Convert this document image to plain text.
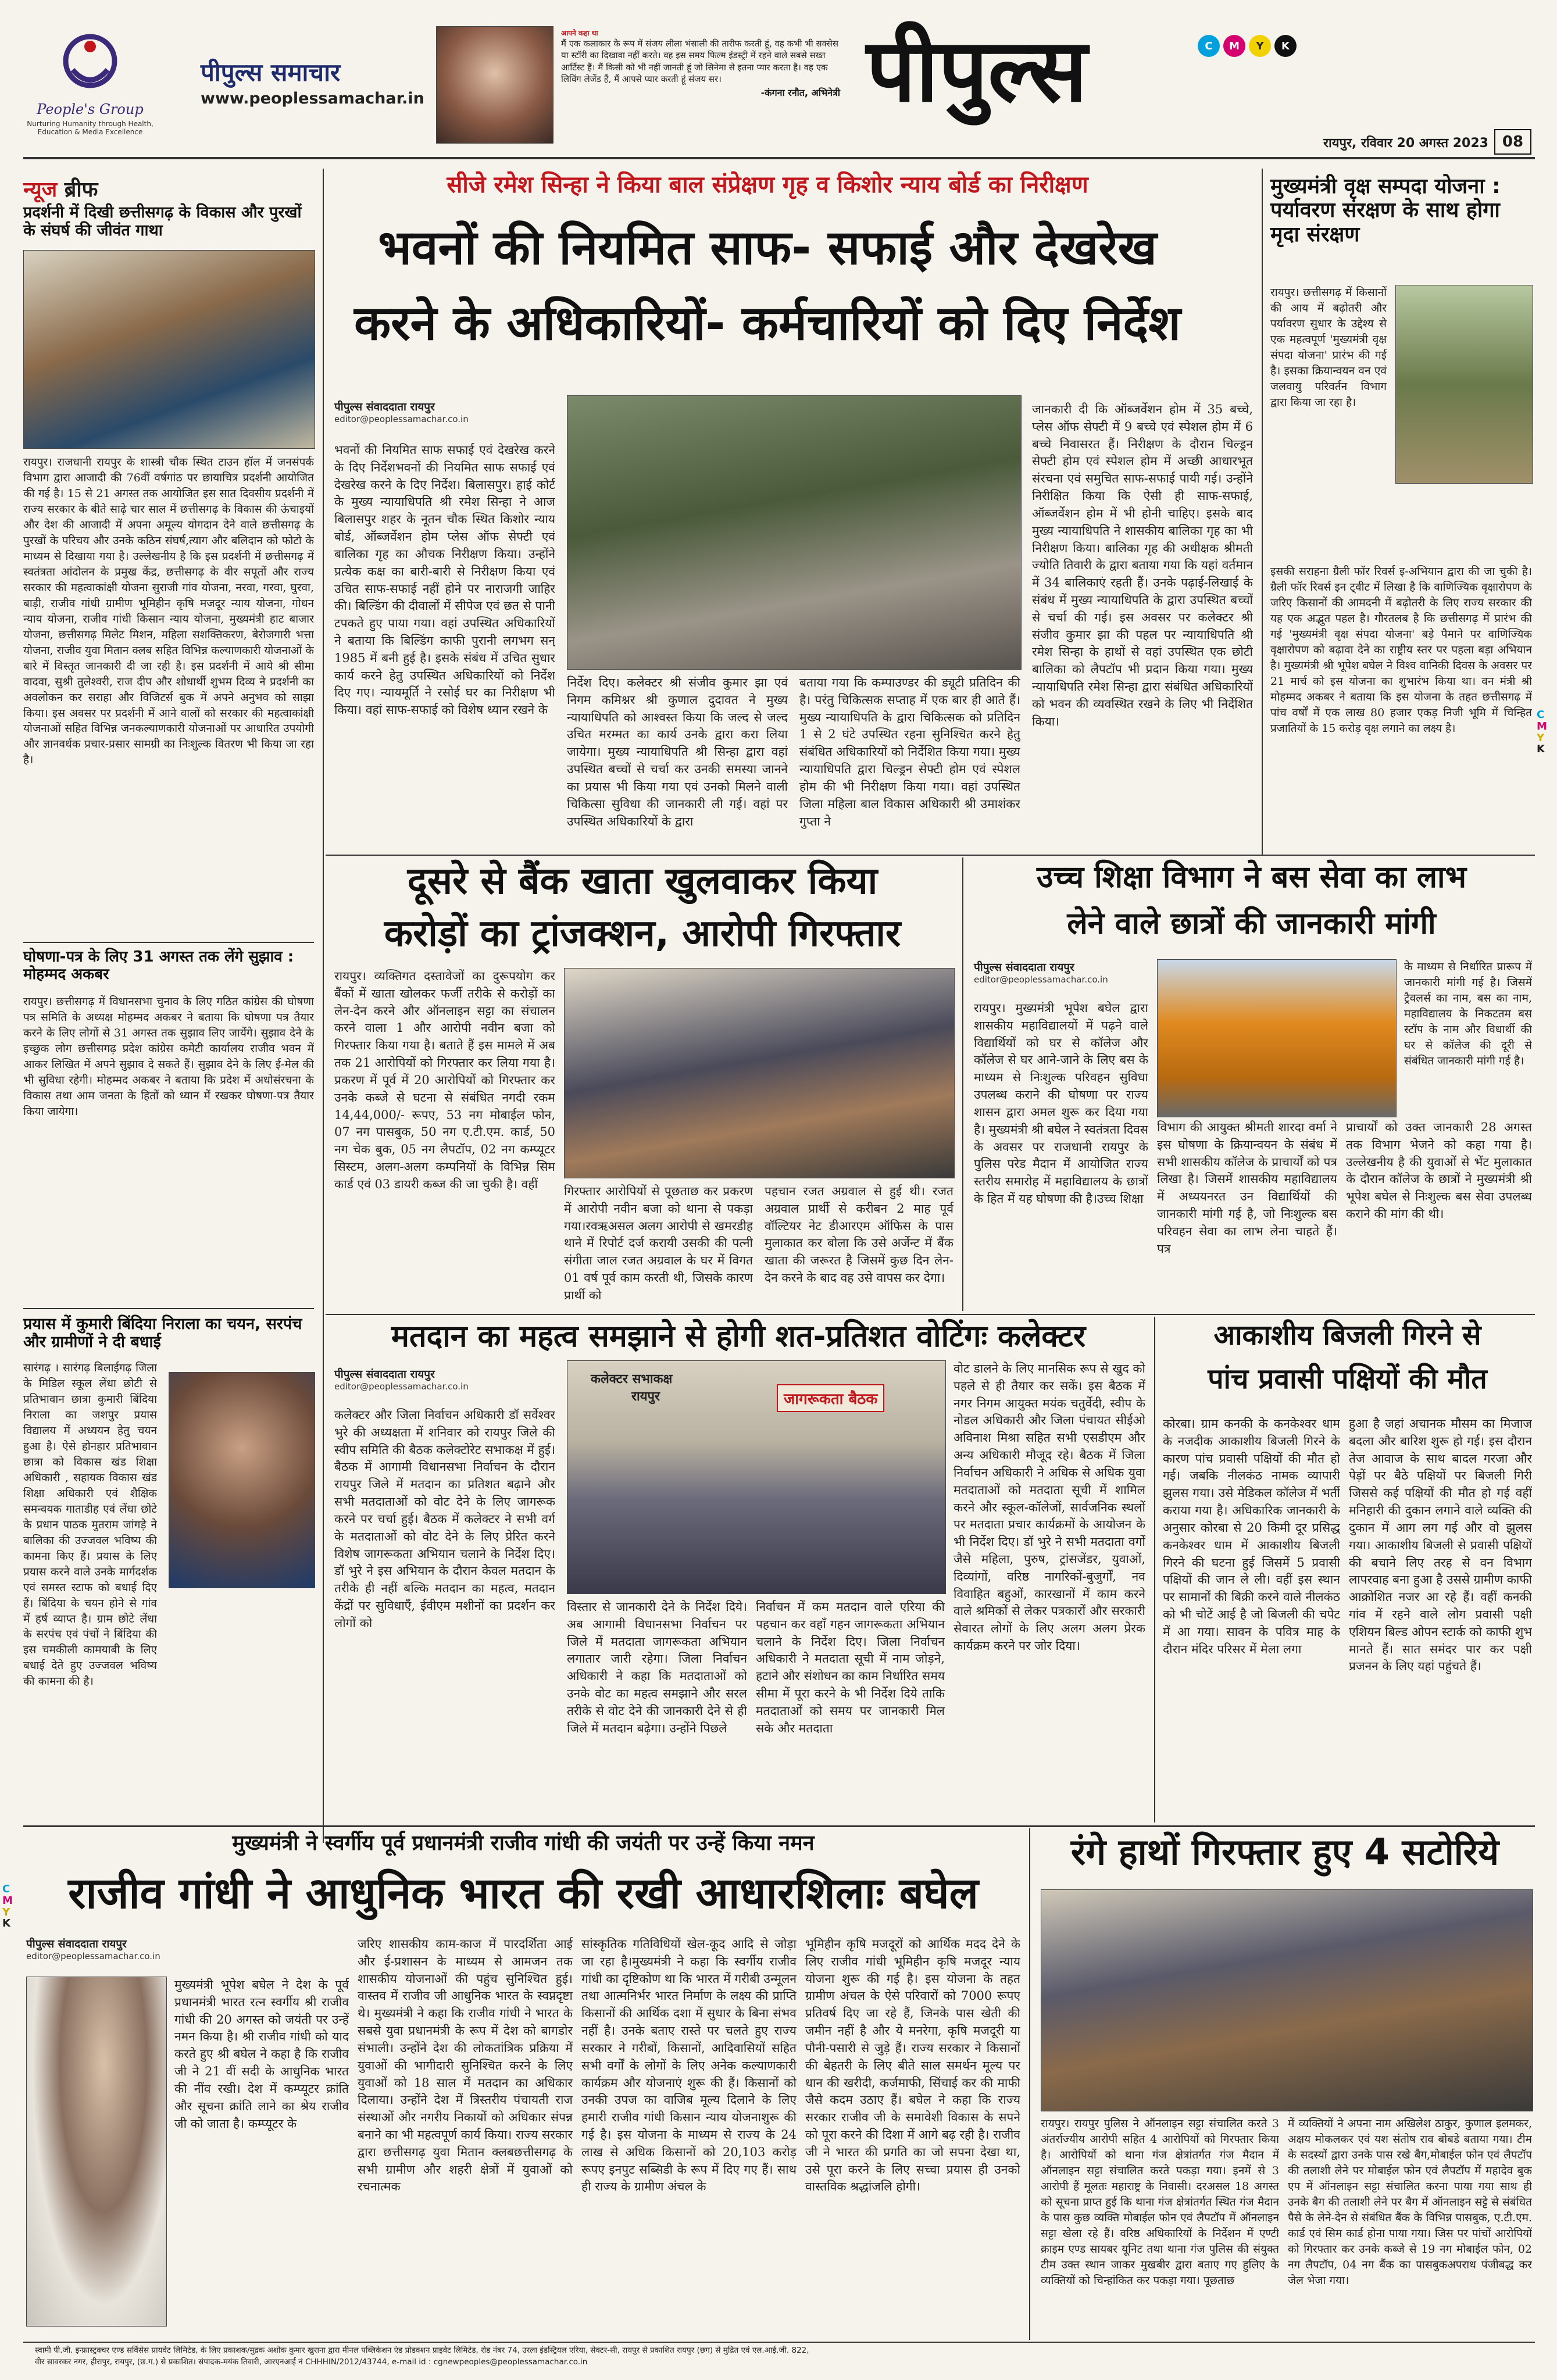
People's Group
Nurturing Humanity through Health, Education & Media Excellence
पीपुल्स समाचार
www.peoplessamachar.in
आपने कहा था
मैं एक कलाकार के रूप में संजय लीला भंसाली की तारीफ करती हूं, वह कभी भी सक्सेस या स्टॉरी का दिखावा नहीं करते। वह इस समय फिल्म इंडस्ट्री में रहने वाले सबसे सख्त आर्टिस्ट हैं। मैं किसी को भी नहीं जानती हूं जो सिनेमा से इतना प्यार करता है। वह एक लिविंग लेजेंड हैं, मैं आपसे प्यार करती हूं संजय सर।
-कंगना रनौत, अभिनेत्री पीपुल्स	C	M	Y	K
रायपुर, रविवार 20 अगस्त 2023 08
न्यूज ब्रीफ
प्रदर्शनी में दिखी छत्तीसगढ़ के विकास और पुरखों के संघर्ष की जीवंत गाथा
रायपुर। राजधानी रायपुर के शास्त्री चौक स्थित टाउन हॉल में जनसंपर्क विभाग द्वारा आजादी की 76वीं वर्षगांठ पर छायाचित्र प्रदर्शनी आयोजित की गई है। 15 से 21 अगस्त तक आयोजित इस सात दिवसीय प्रदर्शनी में राज्य सरकार के बीते साढ़े चार साल में छत्तीसगढ़ के विकास की ऊंचाइयों और देश की आजादी में अपना अमूल्य योगदान देने वाले छत्तीसगढ़ के पुरखों के परिचय और उनके कठिन संघर्ष,त्याग और बलिदान को फोटो के माध्यम से दिखाया गया है। उल्लेखनीय है कि इस प्रदर्शनी में छत्तीसगढ़ में स्वतंत्रता आंदोलन के प्रमुख केंद्र, छत्तीसगढ़ के वीर सपूतों और राज्य सरकार की महत्वाकांक्षी योजना सुराजी गांव योजना, नरवा, गरवा, घुरवा, बाड़ी, राजीव गांधी ग्रामीण भूमिहीन कृषि मजदूर न्याय योजना, गोधन न्याय योजना, राजीव गांधी किसान न्याय योजना, मुख्यमंत्री हाट बाजार योजना, छत्तीसगढ़ मिलेट मिशन, महिला सशक्तिकरण, बेरोजगारी भत्ता योजना, राजीव युवा मितान क्लब सहित विभिन्न कल्याणकारी योजनाओं के बारे में विस्तृत जानकारी दी जा रही है। इस प्रदर्शनी में आये श्री सीमा वादवा, सुश्री तुलेश्वरी, राज दीप और शोधार्थी शुभम दिव्य ने प्रदर्शनी का अवलोकन कर सराहा और विजिटर्स बुक में अपने अनुभव को साझा किया। इस अवसर पर प्रदर्शनी में आने वालों को सरकार की महत्वाकांक्षी योजनाओं सहित विभिन्न जनकल्याणकारी योजनाओं पर आधारित उपयोगी और ज्ञानवर्धक प्रचार-प्रसार सामग्री का निःशुल्क वितरण भी किया जा रहा है।
घोषणा-पत्र के लिए 31 अगस्त तक लेंगे सुझाव : मोहम्मद अकबर
रायपुर। छत्तीसगढ़ में विधानसभा चुनाव के लिए गठित कांग्रेस की घोषणा पत्र समिति के अध्यक्ष मोहम्मद अकबर ने बताया कि घोषणा पत्र तैयार करने के लिए लोगों से 31 अगस्त तक सुझाव लिए जायेंगे। सुझाव देने के इच्छुक लोग छत्तीसगढ़ प्रदेश कांग्रेस कमेटी कार्यालय राजीव भवन में आकर लिखित में अपने सुझाव दे सकते हैं। सुझाव देने के लिए ई-मेल की भी सुविधा रहेगी। मोहम्मद अकबर ने बताया कि प्रदेश में अधोसंरचना के विकास तथा आम जनता के हितों को ध्यान में रखकर घोषणा-पत्र तैयार किया जायेगा।
प्रयास में कुमारी बिंदिया निराला का चयन, सरपंच और ग्रामीणों ने दी बधाई
सारंगढ़ । सारंगढ़ बिलाईगढ़ जिला के मिडिल स्कूल लेंधा छोटी से प्रतिभावान छात्रा कुमारी बिंदिया निराला का जशपुर प्रयास विद्यालय में अध्ययन हेतु चयन हुआ है। ऐसे होनहार प्रतिभावान छात्रा को विकास खंड शिक्षा अधिकारी , सहायक विकास खंड शिक्षा अधिकारी एवं शैक्षिक समन्वयक गाताडीह एवं लेंधा छोटे के प्रधान पाठक मुतराम जांगड़े ने बालिका की उज्जवल भविष्य की कामना किए हैं। प्रयास के लिए प्रयास करने वाले उनके मार्गदर्शक एवं समस्त स्टाफ को बधाई दिए हैं। बिंदिया के चयन होने से गांव में हर्ष व्याप्त है। ग्राम छोटे लेंधा के सरपंच एवं पंचों ने बिंदिया की इस चमकीली कामयाबी के लिए बधाई देते हुए उज्जवल भविष्य की कामना की है।
सीजे रमेश सिन्हा ने किया बाल संप्रेक्षण गृह व किशोर न्याय बोर्ड का निरीक्षण
भवनों की नियमित साफ- सफाई और देखरेख
करने के अधिकारियों- कर्मचारियों को दिए निर्देश
पीपुल्स संवाददाता रायपुर
editor@peoplessamachar.co.in
भवनों की नियमित साफ सफाई एवं देखरेख करने के दिए निर्देशभवनों की नियमित साफ सफाई एवं देखरेख करने के दिए निर्देश। बिलासपुर। हाई कोर्ट के मुख्य न्यायाधिपति श्री रमेश सिन्हा ने आज बिलासपुर शहर के नूतन चौक स्थित किशोर न्याय बोर्ड, ऑब्जर्वेशन होम प्लेस ऑफ सेफ्टी एवं बालिका गृह का औचक निरीक्षण किया। उन्होंने प्रत्येक कक्ष का बारी-बारी से निरीक्षण किया एवं उचित साफ-सफाई नहीं होने पर नाराजगी जाहिर की। बिल्डिंग की दीवालों में सीपेज एवं छत से पानी टपकते हुए पाया गया। वहां उपस्थित अधिकारियों ने बताया कि बिल्डिंग काफी पुरानी लगभग सन् 1985 में बनी हुई है। इसके संबंध में उचित सुधार कार्य करने हेतु उपस्थित अधिकारियों को निर्देश दिए गए। न्यायमूर्ति ने रसोई घर का निरीक्षण भी किया। वहां साफ-सफाई को विशेष ध्यान रखने के
निर्देश दिए। कलेक्टर श्री संजीव कुमार झा एवं निगम कमिश्नर श्री कुणाल दुदावत ने मुख्य न्यायाधिपति को आश्वस्त किया कि जल्द से जल्द उचित मरम्मत का कार्य उनके द्वारा करा लिया जायेगा। मुख्य न्यायाधिपति श्री सिन्हा द्वारा वहां उपस्थित बच्चों से चर्चा कर उनकी समस्या जानने का प्रयास भी किया गया एवं उनको मिलने वाली चिकित्सा सुविधा की जानकारी ली गई। वहां पर उपस्थित अधिकारियों के द्वारा
बताया गया कि कम्पाउण्डर की ड्यूटी प्रतिदिन की है। परंतु चिकित्सक सप्ताह में एक बार ही आते हैं। मुख्य न्यायाधिपति के द्वारा चिकित्सक को प्रतिदिन 1 से 2 घंटे उपस्थित रहना सुनिश्चित करने हेतु संबंधित अधिकारियों को निर्देशित किया गया। मुख्य न्यायाधिपति द्वारा चिल्ड्रन सेफ्टी होम एवं स्पेशल होम की भी निरीक्षण किया गया। वहां उपस्थित जिला महिला बाल विकास अधिकारी श्री उमाशंकर गुप्ता ने
जानकारी दी कि ऑब्जर्वेशन होम में 35 बच्चे, प्लेस ऑफ सेफ्टी में 9 बच्चे एवं स्पेशल होम में 6 बच्चे निवासरत हैं। निरीक्षण के दौरान चिल्ड्रन सेफ्टी होम एवं स्पेशल होम में अच्छी आधारभूत संरचना एवं समुचित साफ-सफाई पायी गई। उन्होंने निरीक्षित किया कि ऐसी ही साफ-सफाई, ऑब्जर्वेशन होम में भी होनी चाहिए। इसके बाद मुख्य न्यायाधिपति ने शासकीय बालिका गृह का भी निरीक्षण किया। बालिका गृह की अधीक्षक श्रीमती ज्योति तिवारी के द्वारा बताया गया कि यहां वर्तमान में 34 बालिकाएं रहती हैं। उनके पढ़ाई-लिखाई के संबंध में मुख्य न्यायाधिपति के द्वारा उपस्थित बच्चों से चर्चा की गई। इस अवसर पर कलेक्टर श्री संजीव कुमार झा की पहल पर न्यायाधिपति श्री रमेश सिन्हा के हाथों से वहां उपस्थित एक छोटी बालिका को लैपटॉप भी प्रदान किया गया। मुख्य न्यायाधिपति रमेश सिन्हा द्वारा संबंधित अधिकारियों को भवन की व्यवस्थित रखने के लिए भी निर्देशित किया।
मुख्यमंत्री वृक्ष सम्पदा योजना : पर्यावरण संरक्षण के साथ होगा मृदा संरक्षण
रायपुर। छत्तीसगढ़ में किसानों की आय में बढ़ोतरी और पर्यावरण सुधार के उद्देश्य से एक महत्वपूर्ण 'मुख्यमंत्री वृक्ष संपदा योजना' प्रारंभ की गई है। इसका क्रियान्वयन वन एवं जलवायु परिवर्तन विभाग द्वारा किया जा रहा है।
इसकी सराहना ग्रैली फॉर रिवर्स इ-अभियान द्वारा की जा चुकी है। ग्रैली फॉर रिवर्स इन ट्वीट में लिखा है कि वाणिज्यिक वृक्षारोपण के जरिए किसानों की आमदनी में बढ़ोतरी के लिए राज्य सरकार की यह एक अद्भुत पहल है। गौरतलब है कि छत्तीसगढ़ में प्रारंभ की गई 'मुख्यमंत्री वृक्ष संपदा योजना' बड़े पैमाने पर वाणिज्यिक वृक्षारोपण को बढ़ावा देने का राष्ट्रीय स्तर पर पहला बड़ा अभियान है। मुख्यमंत्री श्री भूपेश बघेल ने विश्व वानिकी दिवस के अवसर पर 21 मार्च को इस योजना का शुभारंभ किया था। वन मंत्री श्री मोहम्मद अकबर ने बताया कि इस योजना के तहत छत्तीसगढ़ में पांच वर्षों में एक लाख 80 हजार एकड़ निजी भूमि में चिन्हित प्रजातियों के 15 करोड़ वृक्ष लगाने का लक्ष्य है।
C
M
Y
K
दूसरे से बैंक खाता खुलवाकर किया
करोड़ों का ट्रांजक्शन, आरोपी गिरफ्तार
रायपुर। व्यक्तिगत दस्तावेजों का दुरूपयोग कर बैंकों में खाता खोलकर फर्जी तरीके से करोड़ों का लेन-देन करने और ऑनलाइन सट्टा का संचालन करने वाला 1 और आरोपी नवीन बजा को गिरफ्तार किया गया है। बताते हैं इस मामले में अब तक 21 आरोपियों को गिरफ्तार कर लिया गया है। प्रकरण में पूर्व में 20 आरोपियों को गिरफ्तार कर उनके कब्जे से घटना से संबंधित नगदी रकम 14,44,000/- रूपए, 53 नग मोबाईल फोन, 07 नग पासबुक, 50 नग ए.टी.एम. कार्ड, 50 नग चेक बुक, 05 नग लैपटॉप, 02 नग कम्प्यूटर सिस्टम, अलग-अलग कम्पनियों के विभिन्न सिम कार्ड एवं 03 डायरी कब्ज की जा चुकी है। वहीं
गिरफ्तार आरोपियों से पूछताछ कर प्रकरण में आरोपी नवीन बजा को थाना से पकड़ा गया।रवऋअसल अलग आरोपी से खमरडीह थाने में रिपोर्ट दर्ज करायी उसकी की पत्नी संगीता जाल रजत अग्रवाल के घर में विगत 01 वर्ष पूर्व काम करती थी, जिसके कारण प्रार्थी को
पहचान रजत अग्रवाल से हुई थी। रजत अग्रवाल प्रार्थी से करीबन 2 माह पूर्व वॉल्टियर नेट डीआरएम ऑफिस के पास मुलाकात कर बोला कि उसे अर्जेन्ट में बैंक खाता की जरूरत है जिसमें कुछ दिन लेन-देन करने के बाद वह उसे वापस कर देगा।
उच्च शिक्षा विभाग ने बस सेवा का लाभ
लेने वाले छात्रों की जानकारी मांगी
पीपुल्स संवाददाता रायपुर
editor@peoplessamachar.co.in
रायपुर। मुख्यमंत्री भूपेश बघेल द्वारा शासकीय महाविद्यालयों में पढ़ने वाले विद्यार्थियों को घर से कॉलेज और कॉलेज से घर आने-जाने के लिए बस के माध्यम से निःशुल्क परिवहन सुविधा उपलब्ध कराने की घोषणा पर राज्य शासन द्वारा अमल शुरू कर दिया गया है। मुख्यमंत्री श्री बघेल ने स्वतंत्रता दिवस के अवसर पर राजधानी रायपुर के पुलिस परेड मैदान में आयोजित राज्य स्तरीय समारोह में महाविद्यालय के छात्रों के हित में यह घोषणा की है।उच्च शिक्षा
के माध्यम से निर्धारित प्रारूप में जानकारी मांगी गई है। जिसमें ट्रैवलर्स का नाम, बस का नाम, महाविद्यालय के निकटतम बस स्टॉप के नाम और विधार्थी की घर से कॉलेज की दूरी से संबंधित जानकारी मांगी गई है।
विभाग की आयुक्त श्रीमती शारदा वर्मा ने इस घोषणा के क्रियान्वयन के संबंध में सभी शासकीय कॉलेज के प्राचार्यों को पत्र लिखा है। जिसमें शासकीय महाविद्यालय में अध्ययनरत उन विद्यार्थियों की जानकारी मांगी गई है, जो निःशुल्क बस परिवहन सेवा का लाभ लेना चाहते हैं। पत्र
प्राचार्यों को उक्त जानकारी 28 अगस्त तक विभाग भेजने को कहा गया है। उल्लेखनीय है की युवाओं से भेंट मुलाकात के दौरान कॉलेज के छात्रों ने मुख्यमंत्री श्री भूपेश बघेल से निःशुल्क बस सेवा उपलब्ध कराने की मांग की थी।
मतदान का महत्व समझाने से होगी शत-प्रतिशत वोटिंगः कलेक्टर
पीपुल्स संवाददाता रायपुर
editor@peoplessamachar.co.in	कलेक्टर सभाकक्ष
रायपुर	जागरूकता बैठक
कलेक्टर और जिला निर्वाचन अधिकारी डॉ सर्वेश्वर भुरे की अध्यक्षता में शनिवार को रायपुर जिले की स्वीप समिति की बैठक कलेक्टोरेट सभाकक्ष में हुई। बैठक में आगामी विधानसभा निर्वाचन के दौरान रायपुर जिले में मतदान का प्रतिशत बढ़ाने और सभी मतदाताओं को वोट देने के लिए जागरूक करने पर चर्चा हुई। बैठक में कलेक्टर ने सभी वर्ग के मतदाताओं को वोट देने के लिए प्रेरित करने विशेष जागरूकता अभियान चलाने के निर्देश दिए। डॉ भुरे ने इस अभियान के दौरान केवल मतदान के तरीके ही नहीं बल्कि मतदान का महत्व, मतदान केंद्रों पर सुविधाएँ, ईवीएम मशीनों का प्रदर्शन कर लोगों को
विस्तार से जानकारी देने के निर्देश दिये। अब आगामी विधानसभा निर्वाचन पर जिले में मतदाता जागरूकता अभियान लगातार जारी रहेगा। जिला निर्वाचन अधिकारी ने कहा कि मतदाताओं को उनके वोट का महत्व समझाने और सरल तरीके से वोट देने की जानकारी देने से ही जिले में मतदान बढ़ेगा। उन्होंने पिछले
निर्वाचन में कम मतदान वाले एरिया की पहचान कर वहाँ गहन जागरूकता अभियान चलाने के निर्देश दिए। जिला निर्वाचन अधिकारी ने मतदाता सूची में नाम जोड़ने, हटाने और संशोधन का काम निर्धारित समय सीमा में पूरा करने के भी निर्देश दिये ताकि मतदाताओं को समय पर जानकारी मिल सके और मतदाता
वोट डालने के लिए मानसिक रूप से खुद को पहले से ही तैयार कर सकें। इस बैठक में नगर निगम आयुक्त मयंक चतुर्वेदी, स्वीप के नोडल अधिकारी और जिला पंचायत सीईओ अविनाश मिश्रा सहित सभी एसडीएम और अन्य अधिकारी मौजूद रहे। बैठक में जिला निर्वाचन अधिकारी ने अधिक से अधिक युवा मतदाताओं को मतदाता सूची में शामिल करने और स्कूल-कॉलेजों, सार्वजनिक स्थलों पर मतदाता प्रचार कार्यक्रमों के आयोजन के भी निर्देश दिए। डॉ भुरे ने सभी मतदाता वर्गों जैसे महिला, पुरुष, ट्रांसजेंडर, युवाओं, दिव्यांगों, वरिष्ठ नागरिकों-बुजुर्गों, नव विवाहित बहुओं, कारखानों में काम करने वाले श्रमिकों से लेकर पत्रकारों और सरकारी सेवारत लोगों के लिए अलग अलग प्रेरक कार्यक्रम करने पर जोर दिया।
आकाशीय बिजली गिरने से
पांच प्रवासी पक्षियों की मौत
कोरबा। ग्राम कनकी के कनकेश्वर धाम के नजदीक आकाशीय बिजली गिरने के कारण पांच प्रवासी पक्षियों की मौत हो गई। जबकि नीलकंठ नामक व्यापारी झुलस गया। उसे मेडिकल कॉलेज में भर्ती कराया गया है। अधिकारिक जानकारी के अनुसार कोरबा से 20 किमी दूर प्रसिद्ध कनकेश्वर धाम में आकाशीय बिजली गिरने की घटना हुई जिसमें 5 प्रवासी पक्षियों की जान ले ली। वहीं इस स्थान पर सामानों की बिक्री करने वाले नीलकंठ को भी चोटें आई है जो बिजली की चपेट में आ गया। सावन के पवित्र माह के दौरान मंदिर परिसर में मेला लगा
हुआ है जहां अचानक मौसम का मिजाज बदला और बारिश शुरू हो गई। इस दौरान तेज आवाज के साथ बादल गरजा और पेड़ों पर बैठे पक्षियों पर बिजली गिरी जिससे कई पक्षियों की मौत हो गई वहीं मनिहारी की दुकान लगाने वाले व्यक्ति की दुकान में आग लग गई और वो झुलस गया। आकाशीय बिजली से प्रवासी पक्षियों की बचाने लिए तरह से वन विभाग लापरवाह बना हुआ है उससे ग्रामीण काफी आक्रोशित नजर आ रहे हैं। वहीं कनकी गांव में रहने वाले लोग प्रवासी पक्षी एशियन बिल्ड ओपन स्टार्क को काफी शुभ मानते हैं। सात समंदर पार कर पक्षी प्रजनन के लिए यहां पहुंचते हैं।
मुख्यमंत्री ने स्वर्गीय पूर्व प्रधानमंत्री राजीव गांधी की जयंती पर उन्हें किया नमन
राजीव गांधी ने आधुनिक भारत की रखी आधारशिलाः बघेल
C
M
Y
K
पीपुल्स संवाददाता रायपुर
editor@peoplessamachar.co.in
मुख्यमंत्री भूपेश बघेल ने देश के पूर्व प्रधानमंत्री भारत रत्न स्वर्गीय श्री राजीव गांधी की 20 अगस्त को जयंती पर उन्हें नमन किया है। श्री राजीव गांधी को याद करते हुए श्री बघेल ने कहा है कि राजीव जी ने 21 वीं सदी के आधुनिक भारत की नींव रखी। देश में कम्प्यूटर क्रांति और सूचना क्रांति लाने का श्रेय राजीव जी को जाता है। कम्प्यूटर के
जरिए शासकीय काम-काज में पारदर्शिता आई और ई-प्रशासन के माध्यम से आमजन तक शासकीय योजनाओं की पहुंच सुनिश्चित हुई। वास्तव में राजीव जी आधुनिक भारत के स्वप्नदृष्टा थे। मुख्यमंत्री ने कहा कि राजीव गांधी ने भारत के सबसे युवा प्रधानमंत्री के रूप में देश को बागडोर संभाली। उन्होंने देश की लोकतांत्रिक प्रक्रिया में युवाओं की भागीदारी सुनिश्चित करने के लिए युवाओं को 18 साल में मतदान का अधिकार दिलाया। उन्होंने देश में त्रिस्तरीय पंचायती राज संस्थाओं और नगरीय निकायों को अधिकार संपन्न बनाने का भी महत्वपूर्ण कार्य किया। राज्य सरकार द्वारा छत्तीसगढ़ युवा मितान क्लबछत्तीसगढ़ के सभी ग्रामीण और शहरी क्षेत्रों में युवाओं को रचनात्मक
सांस्कृतिक गतिविधियों खेल-कूद आदि से जोड़ा जा रहा है।मुख्यमंत्री ने कहा कि स्वर्गीय राजीव गांधी का दृष्टिकोण था कि भारत में गरीबी उन्मूलन तथा आत्मनिर्भर भारत निर्माण के लक्ष्य की प्राप्ति किसानों की आर्थिक दशा में सुधार के बिना संभव नहीं है। उनके बताए रास्ते पर चलते हुए राज्य सरकार ने गरीबों, किसानों, आदिवासियों सहित सभी वर्गों के लोगों के लिए अनेक कल्याणकारी कार्यक्रम और योजनाएं शुरू की हैं। किसानों को उनकी उपज का वाजिब मूल्य दिलाने के लिए हमारी राजीव गांधी किसान न्याय योजनाशुरू की गई है। इस योजना के माध्यम से राज्य के 24 लाख से अधिक किसानों को 20,103 करोड़ रूपए इनपुट सब्सिडी के रूप में दिए गए हैं। साथ ही राज्य के ग्रामीण अंचल के
भूमिहीन कृषि मजदूरों को आर्थिक मदद देने के लिए राजीव गांधी भूमिहीन कृषि मजदूर न्याय योजना शुरू की गई है। इस योजना के तहत ग्रामीण अंचल के ऐसे परिवारों को 7000 रूपए प्रतिवर्ष दिए जा रहे हैं, जिनके पास खेती की जमीन नहीं है और ये मनरेगा, कृषि मजदूरी या पौनी-पसारी से जुड़े हैं। राज्य सरकार ने किसानों की बेहतरी के लिए बीते साल समर्थन मूल्य पर धान की खरीदी, कर्जमाफी, सिंचाई कर की माफी जैसे कदम उठाए हैं। बघेल ने कहा कि राज्य सरकार राजीव जी के समावेशी विकास के सपने को पूरा करने की दिशा में आगे बढ़ रही है। राजीव जी ने भारत की प्रगति का जो सपना देखा था, उसे पूरा करने के लिए सच्चा प्रयास ही उनको वास्तविक श्रद्धांजलि होगी।
रंगे हाथों गिरफ्तार हुए 4 सटोरिये
रायपुर। रायपुर पुलिस ने ऑनलाइन सट्टा संचालित करते 3 अंतर्राज्यीय आरोपी सहित 4 आरोपियों को गिरफ्तार किया है। आरोपियों को थाना गंज क्षेत्रांतर्गत गंज मैदान में ऑनलाइन सट्टा संचालित करते पकड़ा गया। इनमें से 3 आरोपी हैं मूलतः महाराष्ट्र के निवासी। दरअसल 18 अगस्त को सूचना प्राप्त हुई कि थाना गंज क्षेत्रांतर्गत स्थित गंज मैदान के पास कुछ व्यक्ति मोबाईल फोन एवं लैपटॉप में ऑनलाइन सट्टा खेला रहे हैं। वरिष्ठ अधिकारियों के निर्देशन में एण्टी क्राइम एण्ड सायबर यूनिट तथा थाना गंज पुलिस की संयुक्त टीम उक्त स्थान जाकर मुखबीर द्वारा बताए गए हुलिए के व्यक्तियों को चिन्हांकित कर पकड़ा गया। पूछताछ
में व्यक्तियों ने अपना नाम अखिलेश ठाकुर, कुणाल इलमकर, अक्षय मोकलकर एवं यश संतोष राव बोबडे बताया गया। टीम के सदस्यों द्वारा उनके पास रखे बैग,मोबाईल फोन एवं लैपटॉप की तलाशी लेने पर मोबाईल फोन एवं लैपटॉप में महादेव बुक एप में ऑनलाइन सट्टा संचालित करना पाया गया साथ ही उनके बैग की तलाशी लेने पर बैग में ऑनलाइन सट्टे से संबंधित पैसे के लेने-देन से संबंधित बैंक के विभिन्न पासबुक, ए.टी.एम. कार्ड एवं सिम कार्ड होना पाया गया। जिस पर पांचों आरोपियों को गिरफ्तार कर उनके कब्जे से 19 नग मोबाईल फोन, 02 नग लैपटॉप, 04 नग बैंक का पासबुकअपराध पंजीबद्ध कर जेल भेजा गया।
स्वामी पी.जी. इन्फ्रास्ट्रक्चर एण्ड सर्विसेस प्रायवेट लिमिटेड, के लिए प्रकाशक/मुद्रक अशोक कुमार खुराना द्वारा मीनल पब्लिकेशन एंड प्रोडक्शन प्राइवेट लिमिटेड, रोड नंबर 74, उरला इंडस्ट्रियल एरिया, सेक्टर-सी, रायपुर से प्रकाशित रायपुर (छग) से मुद्रित एवं एल.आई.जी. 822,
वीर सावरकर नगर, हीरापुर, रायपुर, (छ.ग.) से प्रकाशित। संपादक-मयंक तिवारी, आरएनआई नं CHHHIN/2012/43744, e-mail id : cgnewpeoples@peoplessamachar.co.in
